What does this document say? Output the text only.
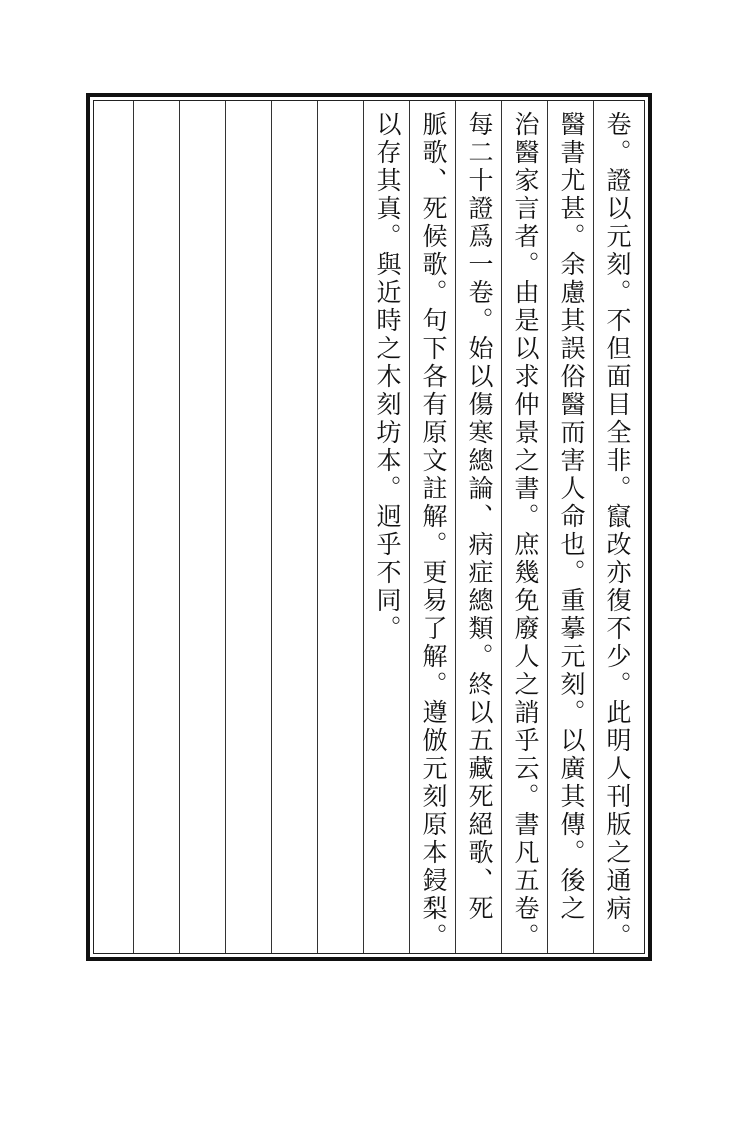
卷。證以元刻。不但面目全非。竄改亦復不少。此明人刊版之通病。

醫書尤甚。余慮其誤俗醫而害人命也。重摹元刻。以廣其傳。後之

治醫家言者。由是以求仲景之書。庶幾免廢人之誚乎云。書凡五卷。

每二十證爲一卷。始以傷寒總論、病症總類。終以五藏死絕歌、死

脈歌、死候歌。句下各有原文註解。更易了解。遵倣元刻原本鋟梨。

以存其真。與近時之木刻坊本。迥乎不同。
